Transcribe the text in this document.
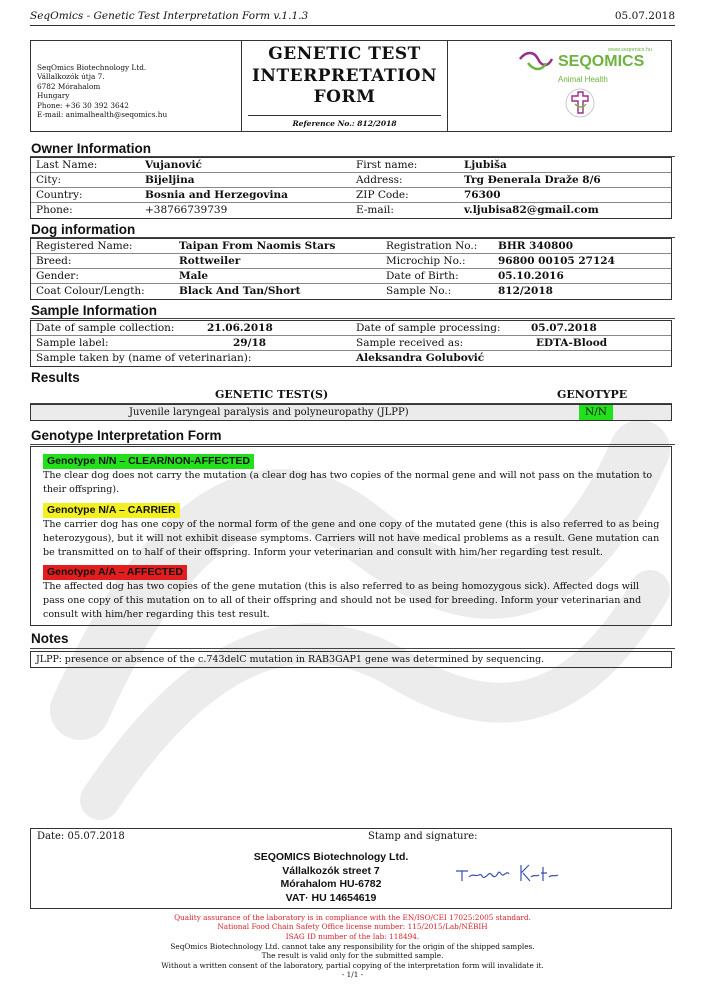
SeqOmics - Genetic Test Interpretation Form v.1.1.3	05.07.2018
SeqOmics Biotechnology Ltd.
Vállalkozók útja 7.
6782 Mórahalom
Hungary
Phone: +36 30 392 3642
E-mail: animalhealth@seqomics.hu
GENETIC TEST
INTERPRETATION
FORM
Reference No.: 812/2018
www.seqomics.hu
SEQOMICS
Animal Health
Owner Information
Last Name:	Vujanović	First name:	Ljubiša
City:	Bijeljina	Address:	Trg Đenerala Draže 8/6
Country:	Bosnia and Herzegovina	ZIP Code:	76300
Phone:	+38766739739	E-mail:	v.ljubisa82@gmail.com
Dog information
Registered Name:	Taipan From Naomis Stars	Registration No.: BHR 340800
Breed:	Rottweiler	Microchip No.:	96800 00105 27124
Gender:	Male	Date of Birth:	05.10.2016
Coat Colour/Length:	Black And Tan/Short	Sample No.:	812/2018
Sample Information
Date of sample collection:	21.06.2018	Date of sample processing:	05.07.2018
Sample label:	29/18	Sample received as:	EDTA-Blood
Sample taken by (name of veterinarian):	Aleksandra Golubović
Results
GENETIC TEST(S)	GENOTYPE
Juvenile laryngeal paralysis and polyneuropathy (JLPP)	N/N
Genotype Interpretation Form
Genotype N/N – CLEAR/NON-AFFECTED
The clear dog does not carry the mutation (a clear dog has two copies of the normal gene and will not pass on the mutation to their offspring).
Genotype N/A – CARRIER
The carrier dog has one copy of the normal form of the gene and one copy of the mutated gene (this is also referred to as being heterozygous), but it will not exhibit disease symptoms. Carriers will not have medical problems as a result. Gene mutation can be transmitted on to half of their offspring. Inform your veterinarian and consult with him/her regarding test result.
Genotype A/A – AFFECTED
The affected dog has two copies of the gene mutation (this is also referred to as being homozygous sick). Affected dogs will pass one copy of this mutation on to all of their offspring and should not be used for breeding. Inform your veterinarian and consult with him/her regarding this test result.
Notes
JLPP: presence or absence of the c.743delC mutation in RAB3GAP1 gene was determined by sequencing.
Date: 05.07.2018	Stamp and signature:
SEQOMICS Biotechnology Ltd.
Vállalkozók street 7
Mórahalom HU-6782
VAT· HU 14654619
Quality assurance of the laboratory is in compliance with the EN/ISO/CEI 17025:2005 standard.
National Food Chain Safety Office license number: 115/2015/Lab/NÉBIH
ISAG ID number of the lab: 118494.
SeqOmics Biotechnology Ltd. cannot take any responsibility for the origin of the shipped samples.
The result is valid only for the submitted sample.
Without a written consent of the laboratory, partial copying of the interpretation form will invalidate it.
- 1/1 -
